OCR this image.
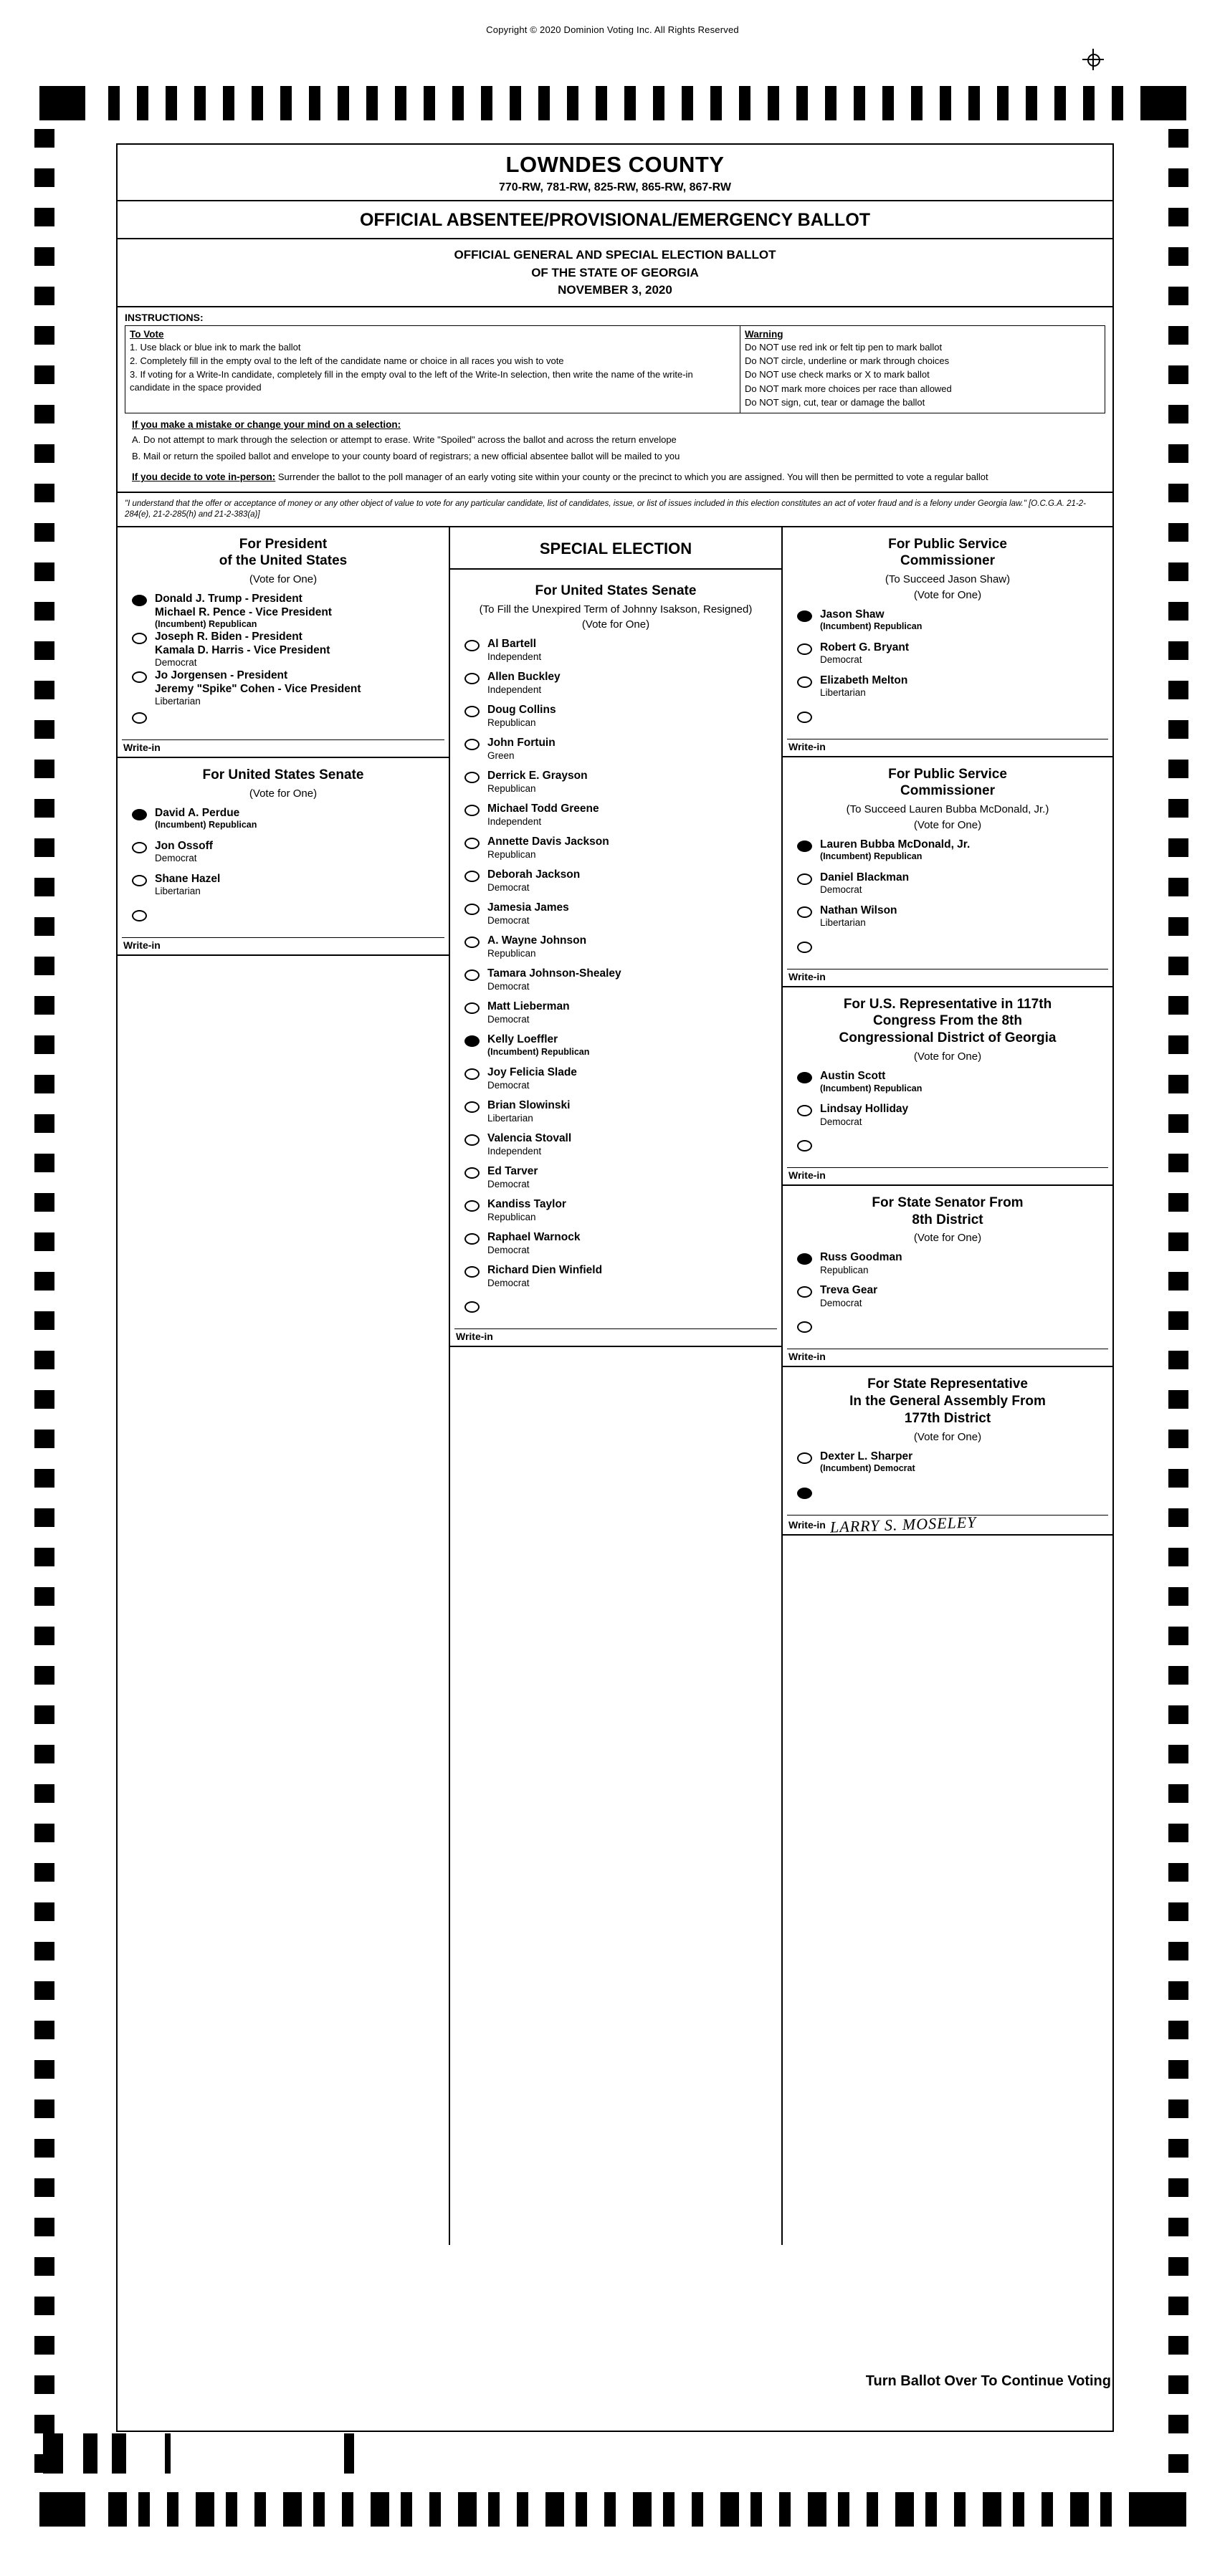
Copyright © 2020 Dominion Voting Inc. All Rights Reserved
LOWNDES COUNTY
770-RW, 781-RW, 825-RW, 865-RW, 867-RW
OFFICIAL ABSENTEE/PROVISIONAL/EMERGENCY BALLOT
OFFICIAL GENERAL AND SPECIAL ELECTION BALLOT
OF THE STATE OF GEORGIA
NOVEMBER 3, 2020
INSTRUCTIONS:
To Vote
1. Use black or blue ink to mark the ballot
2. Completely fill in the empty oval to the left of the candidate name or choice in all races you wish to vote
3. If voting for a Write-In candidate, completely fill in the empty oval to the left of the Write-In selection, then write the name of the write-in candidate in the space provided
Warning
Do NOT use red ink or felt tip pen to mark ballot
Do NOT circle, underline or mark through choices
Do NOT use check marks or X to mark ballot
Do NOT mark more choices per race than allowed
Do NOT sign, cut, tear or damage the ballot
If you make a mistake or change your mind on a selection:

A. Do not attempt to mark through the selection or attempt to erase. Write "Spoiled" across the ballot and across the return envelope

B. Mail or return the spoiled ballot and envelope to your county board of registrars; a new official absentee ballot will be mailed to you

If you decide to vote in-person: Surrender the ballot to the poll manager of an early voting site within your county or the precinct to which you are assigned. You will then be permitted to vote a regular ballot

"I understand that the offer or acceptance of money or any other object of value to vote for any particular candidate, list of candidates, issue, or list of issues included in this election constitutes an act of voter fraud and is a felony under Georgia law." [O.C.G.A. 21-2-284(e), 21-2-285(h) and 21-2-383(a)]
For President
of the United States
(Vote for One)
Donald J. Trump - President
Michael R. Pence - Vice President
(Incumbent) Republican
Joseph R. Biden - President
Kamala D. Harris - Vice President
Democrat
Jo Jorgensen - President
Jeremy "Spike" Cohen - Vice President
Libertarian
Write-in
For United States Senate
(Vote for One)
David A. Perdue
(Incumbent) Republican
Jon Ossoff
Democrat
Shane Hazel
Libertarian
Write-in
SPECIAL ELECTION
For United States Senate
(To Fill the Unexpired Term of Johnny Isakson, Resigned)
(Vote for One)
Al Bartell
Independent
Allen Buckley
Independent
Doug Collins
Republican
John Fortuin
Green
Derrick E. Grayson
Republican
Michael Todd Greene
Independent
Annette Davis Jackson
Republican
Deborah Jackson
Democrat
Jamesia James
Democrat
A. Wayne Johnson
Republican
Tamara Johnson-Shealey
Democrat
Matt Lieberman
Democrat
Kelly Loeffler
(Incumbent) Republican
Joy Felicia Slade
Democrat
Brian Slowinski
Libertarian
Valencia Stovall
Independent
Ed Tarver
Democrat
Kandiss Taylor
Republican
Raphael Warnock
Democrat
Richard Dien Winfield
Democrat
Write-in
For Public Service
Commissioner
(To Succeed Jason Shaw)
(Vote for One)
Jason Shaw
(Incumbent) Republican
Robert G. Bryant
Democrat
Elizabeth Melton
Libertarian
Write-in
For Public Service
Commissioner
(To Succeed Lauren Bubba McDonald, Jr.)
(Vote for One)
Lauren Bubba McDonald, Jr.
(Incumbent) Republican
Daniel Blackman
Democrat
Nathan Wilson
Libertarian
Write-in
For U.S. Representative in 117th
Congress From the 8th
Congressional District of Georgia
(Vote for One)
Austin Scott
(Incumbent) Republican
Lindsay Holliday
Democrat
Write-in
For State Senator From
8th District
(Vote for One)
Russ Goodman
Republican
Treva Gear
Democrat
Write-in
For State Representative
In the General Assembly From
177th District
(Vote for One)
Dexter L. Sharper
(Incumbent) Democrat
Write-in LARRY S. MOSELEY
Turn Ballot Over To Continue Voting
+
